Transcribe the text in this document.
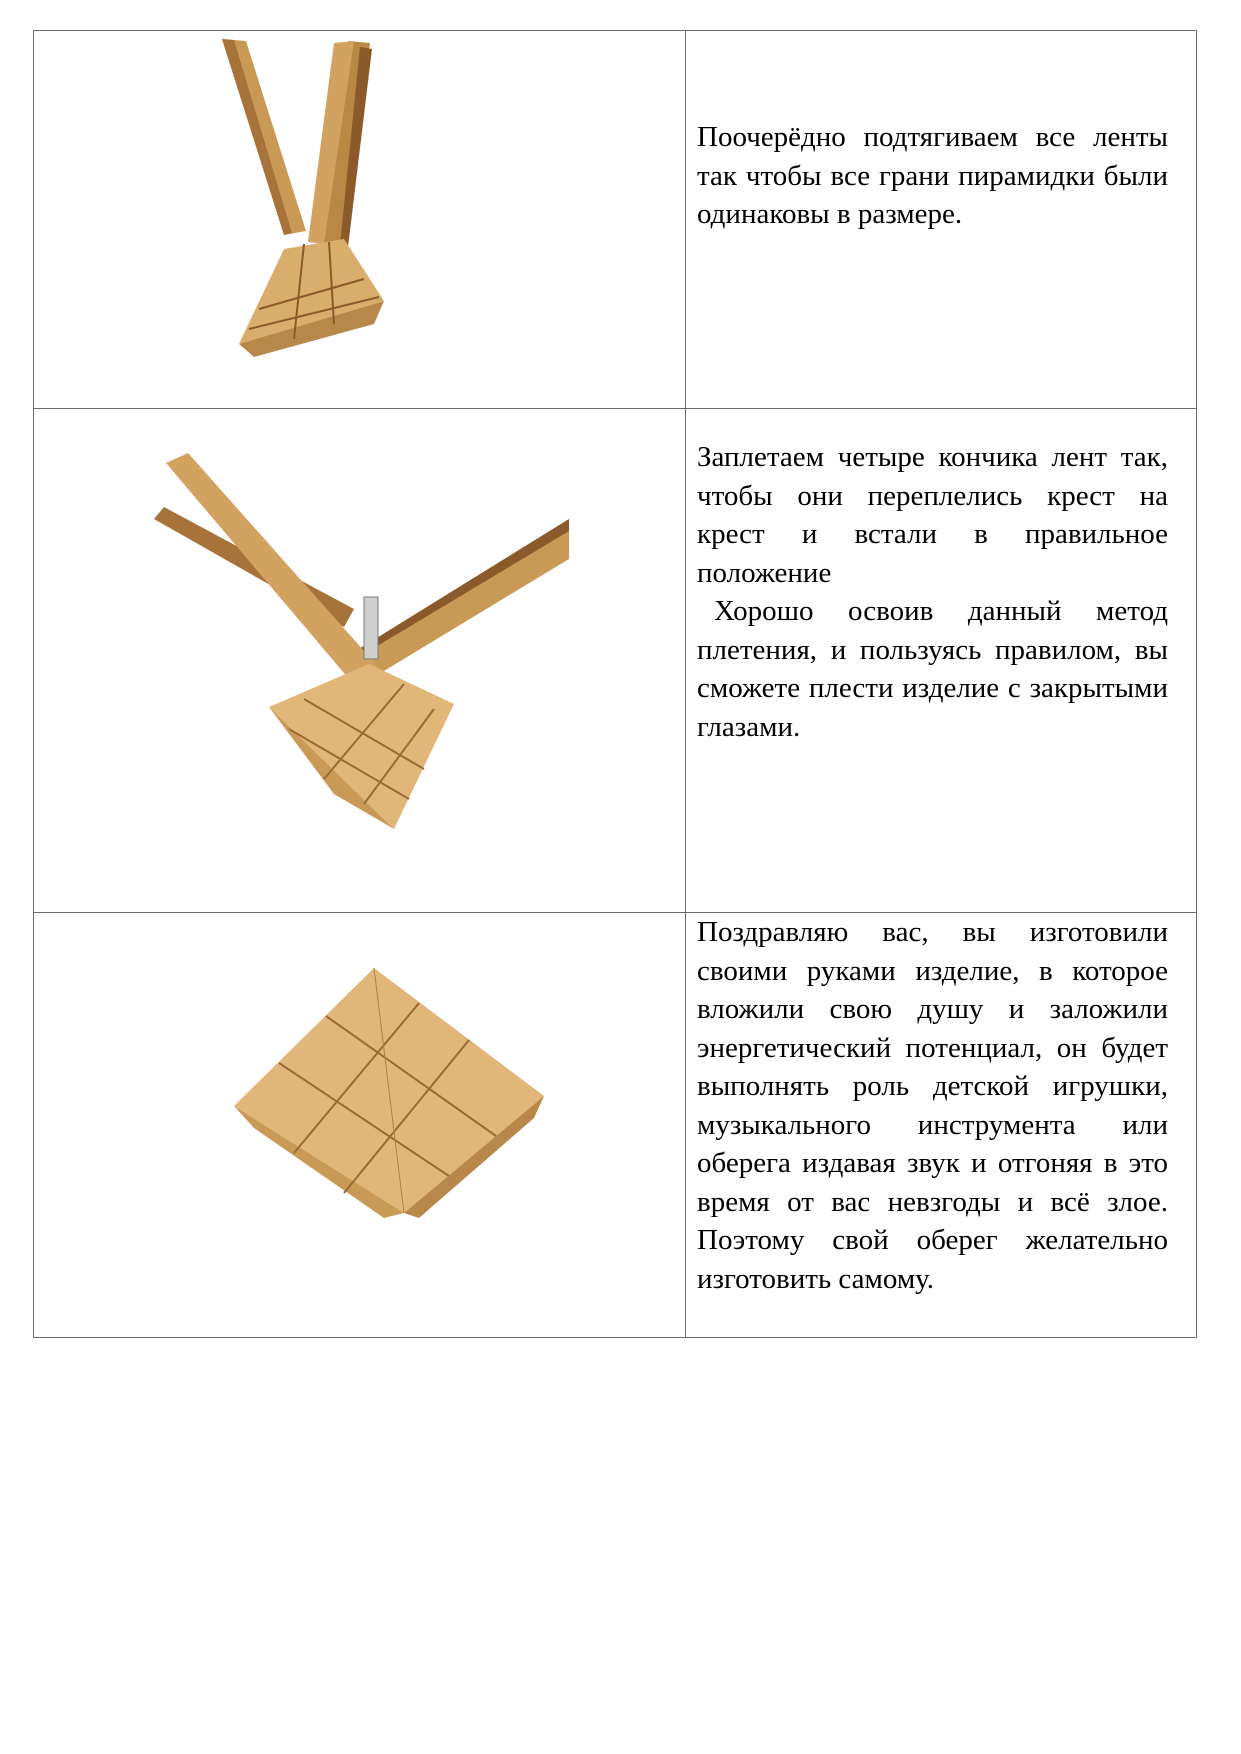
Поочерёдно подтягиваем все ленты так чтобы все грани пирамидки были одинаковы в размере.

Заплетаем четыре кончика лент так, чтобы они переплелись крест на крест и встали в правильное положение

Хорошо освоив данный метод плетения, и пользуясь правилом, вы сможете плести изделие с закрытыми глазами.

Поздравляю вас, вы изготовили своими руками изделие, в которое вложили свою душу и заложили энергетический потенциал, он будет выполнять роль детской игрушки, музыкального инструмента или оберега издавая звук и отгоняя в это время от вас невзгоды и всё злое. Поэтому свой оберег желательно изготовить самому.
